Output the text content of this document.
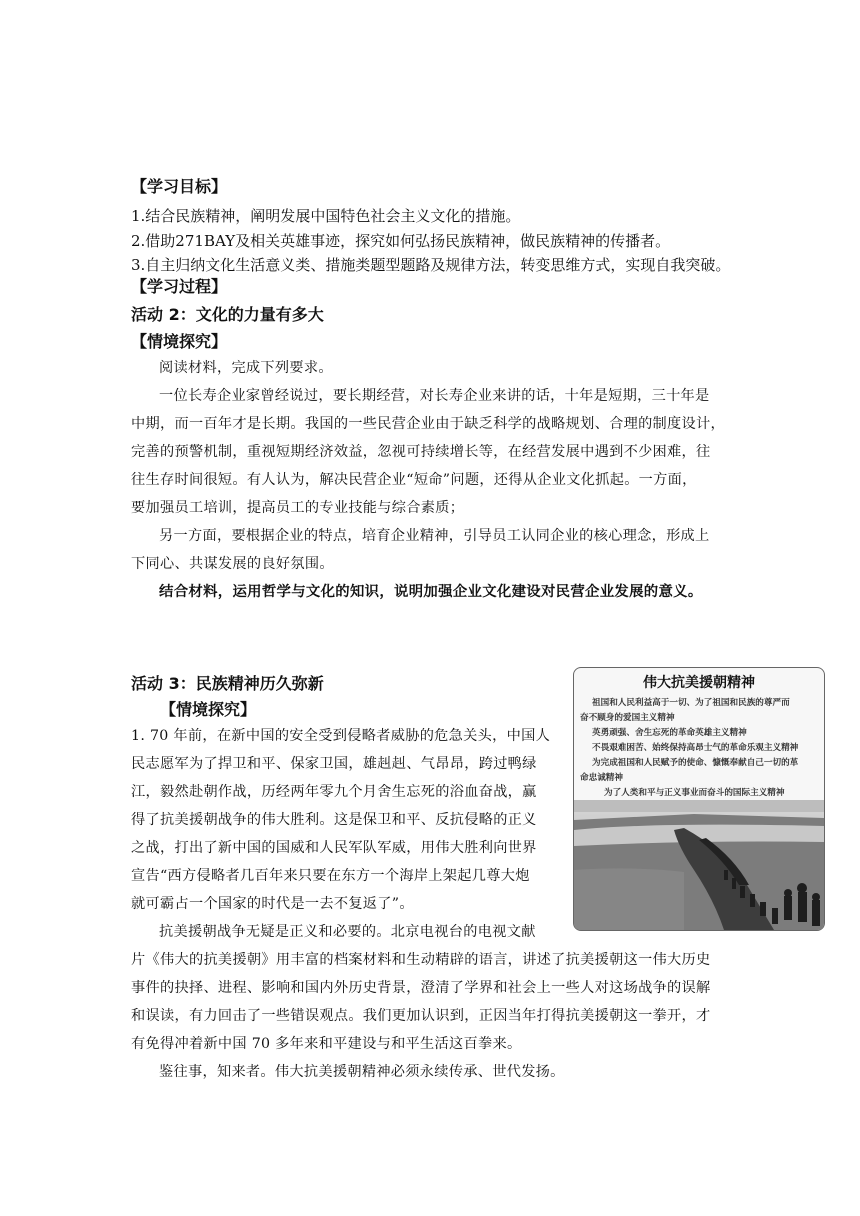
【学习目标】
1.结合民族精神，阐明发展中国特色社会主义文化的措施。
2.借助271BAY及相关英雄事迹，探究如何弘扬民族精神，做民族精神的传播者。
3.自主归纳文化生活意义类、措施类题型题路及规律方法，转变思维方式，实现自我突破。
【学习过程】
活动 2：文化的力量有多大
【情境探究】

阅读材料，完成下列要求。

一位长寿企业家曾经说过，要长期经营，对长寿企业来讲的话，十年是短期，三十年是

中期，而一百年才是长期。我国的一些民营企业由于缺乏科学的战略规划、合理的制度设计，

完善的预警机制，重视短期经济效益，忽视可持续增长等，在经营发展中遇到不少困难，往

往生存时间很短。有人认为，解决民营企业“短命”问题，还得从企业文化抓起。一方面，

要加强员工培训，提高员工的专业技能与综合素质；

另一方面，要根据企业的特点，培育企业精神，引导员工认同企业的核心理念，形成上

下同心、共谋发展的良好氛围。

结合材料，运用哲学与文化的知识，说明加强企业文化建设对民营企业发展的意义。

活动 3：民族精神历久弥新
【情境探究】

1. 70 年前，在新中国的安全受到侵略者威胁的危急关头，中国人

民志愿军为了捍卫和平、保家卫国，雄赳赳、气昂昂，跨过鸭绿

江，毅然赴朝作战，历经两年零九个月舍生忘死的浴血奋战，赢

得了抗美援朝战争的伟大胜利。这是保卫和平、反抗侵略的正义

之战，打出了新中国的国威和人民军队军威，用伟大胜利向世界

宣告“西方侵略者几百年来只要在东方一个海岸上架起几尊大炮

就可霸占一个国家的时代是一去不复返了”。

抗美援朝战争无疑是正义和必要的。北京电视台的电视文献

片《伟大的抗美援朝》用丰富的档案材料和生动精辟的语言，讲述了抗美援朝这一伟大历史

事件的抉择、进程、影响和国内外历史背景，澄清了学界和社会上一些人对这场战争的误解

和误读，有力回击了一些错误观点。我们更加认识到，正因当年打得抗美援朝这一拳开，才

有免得冲着新中国 70 多年来和平建设与和平生活这百拳来。

鉴往事，知来者。伟大抗美援朝精神必须永续传承、世代发扬。

伟大抗美援朝精神
祖国和人民利益高于一切、为了祖国和民族的尊严而
奋不顾身的爱国主义精神
英勇顽强、舍生忘死的革命英雄主义精神
不畏艰难困苦、始终保持高昂士气的革命乐观主义精神
为完成祖国和人民赋予的使命、慷慨奉献自己一切的革
命忠诚精神
为了人类和平与正义事业而奋斗的国际主义精神
